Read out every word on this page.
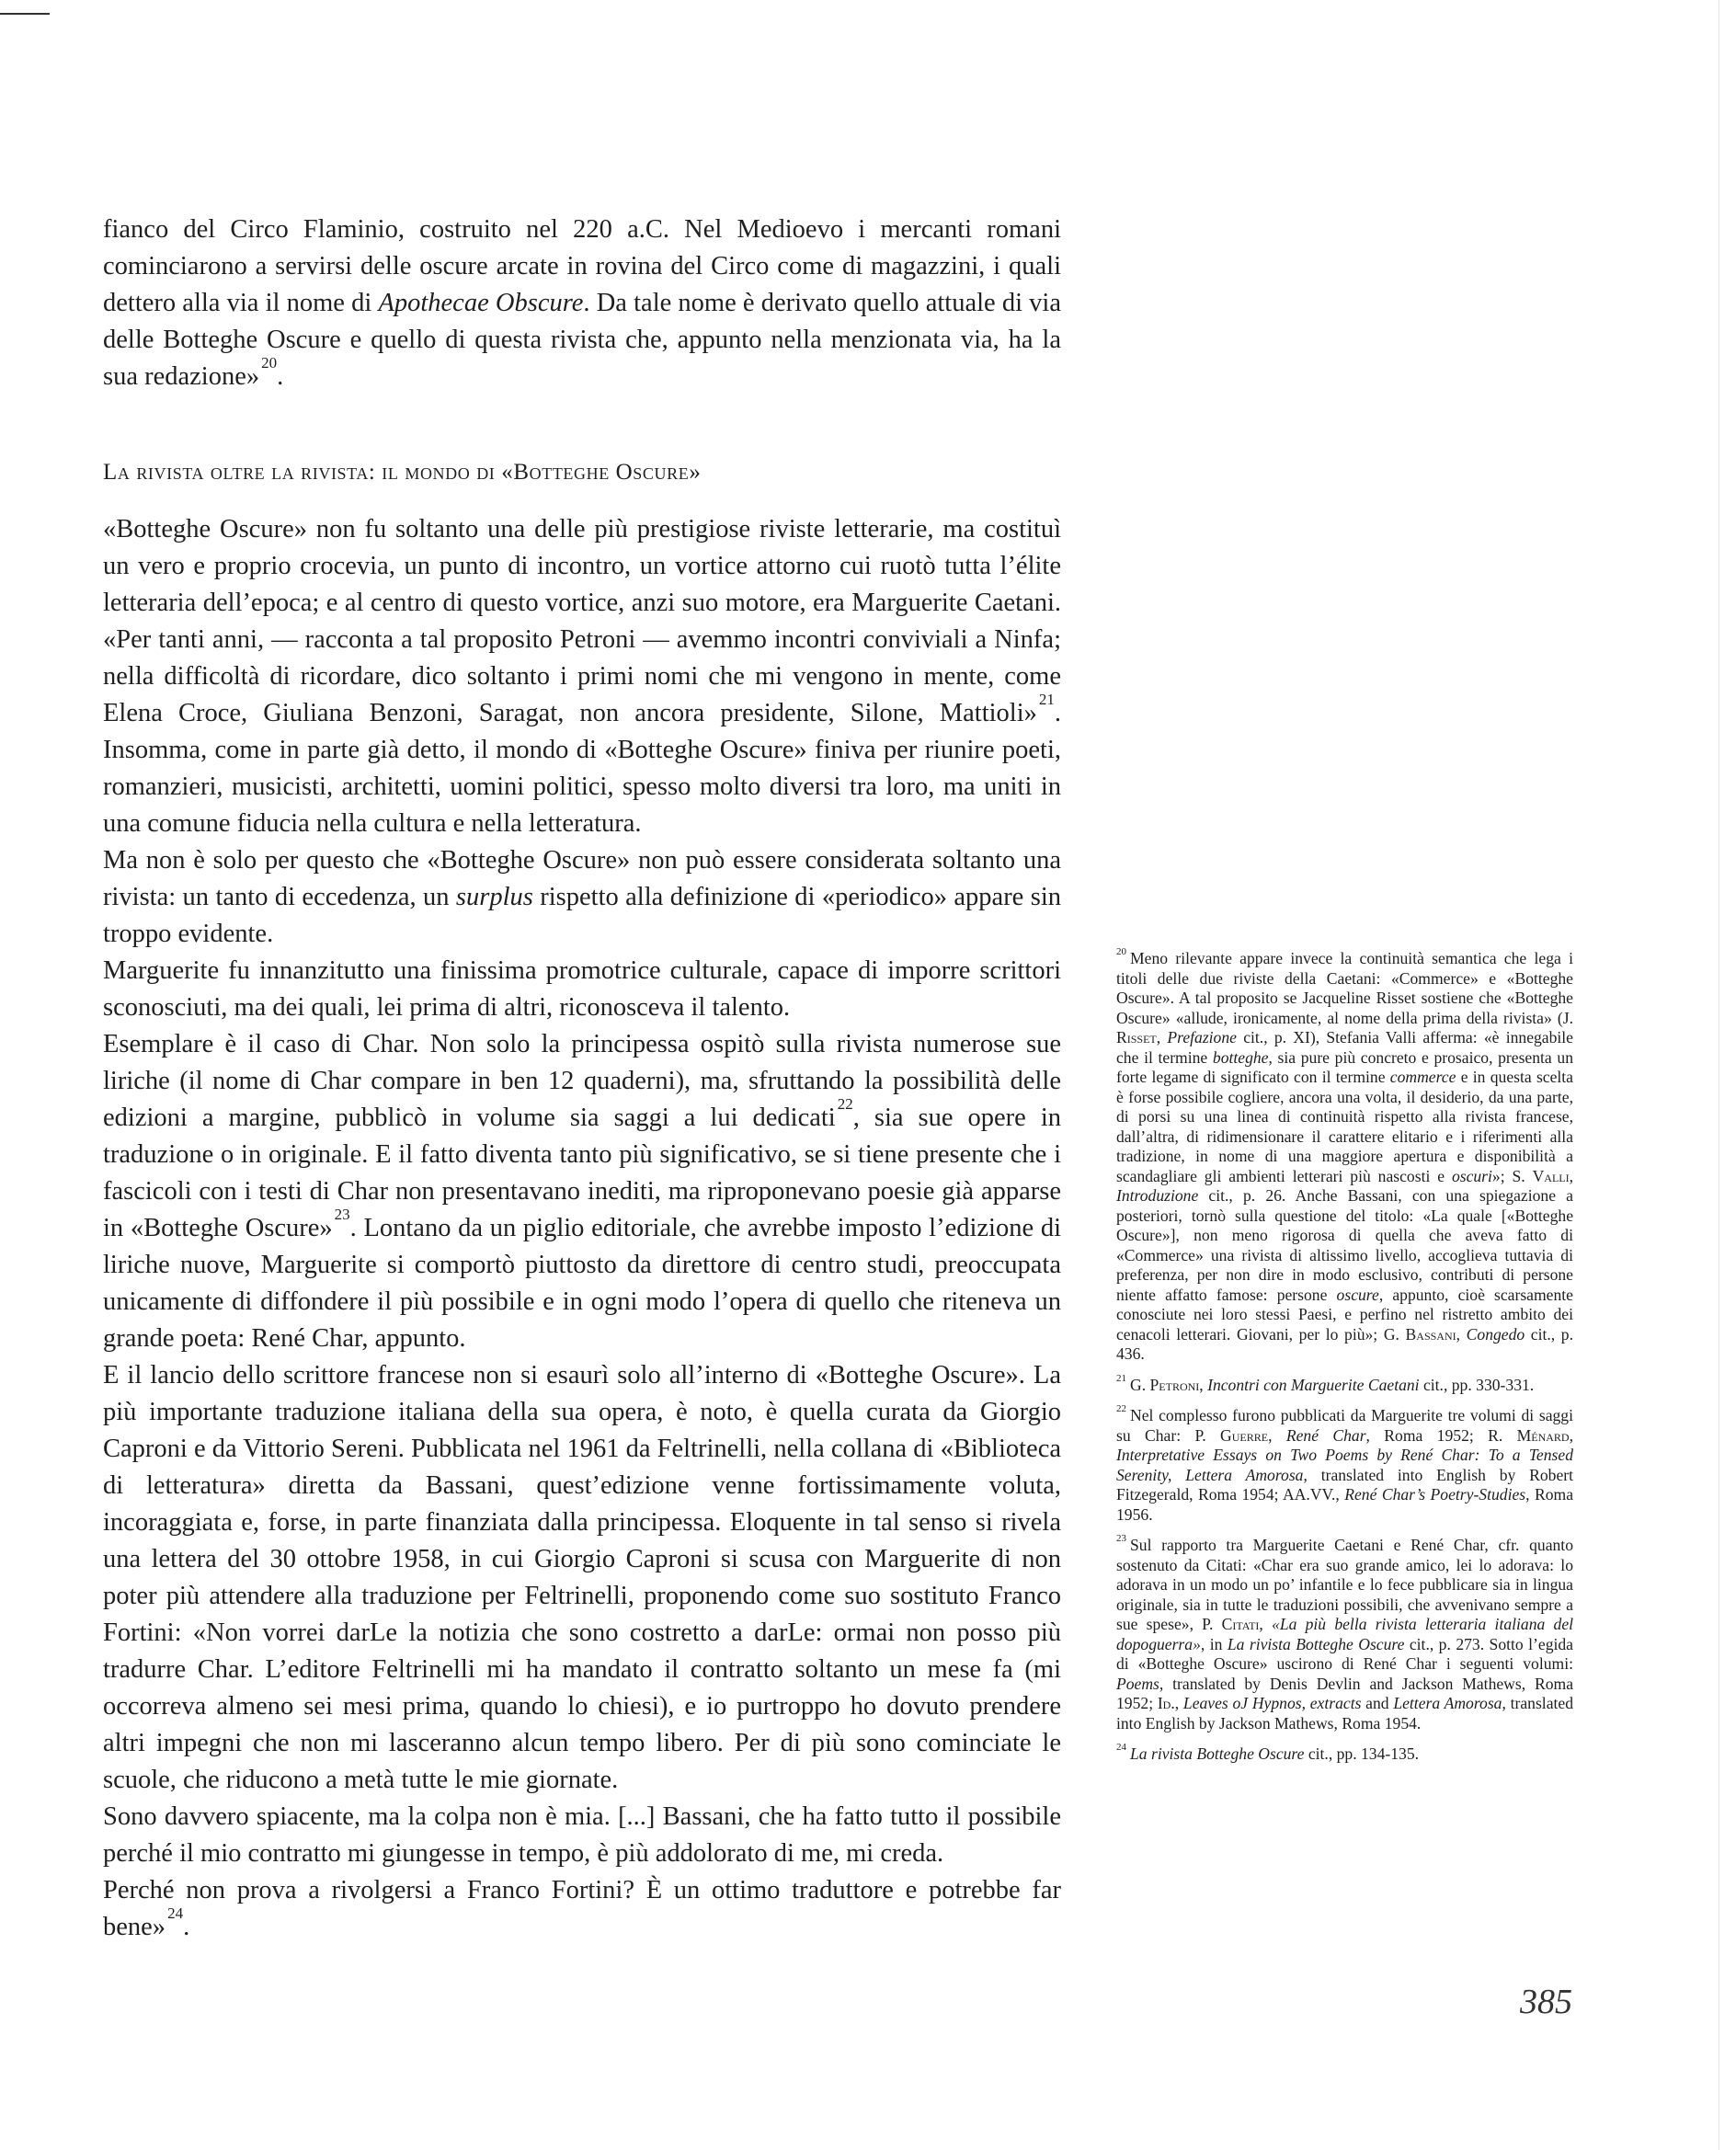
fianco del Circo Flaminio, costruito nel 220 a.C. Nel Medioevo i mercanti romani cominciarono a servirsi delle oscure arcate in rovina del Circo come di magazzini, i quali dettero alla via il nome di Apothecae Obscure. Da tale nome è derivato quello attuale di via delle Botteghe Oscure e quello di questa rivista che, appunto nella menzionata via, ha la sua redazione» $^{20}$.

La rivista oltre la rivista: il mondo di «Botteghe Oscure»

«Botteghe Oscure» non fu soltanto una delle più prestigiose riviste letterarie, ma costituì un vero e proprio crocevia, un punto di incontro, un vortice attorno cui ruotò tutta l’élite letteraria dell’epoca; e al centro di questo vortice, anzi suo motore, era Marguerite Caetani. «Per tanti anni, — racconta a tal proposito Petroni — avemmo incontri conviviali a Ninfa; nella difficoltà di ricordare, dico soltanto i primi nomi che mi vengono in mente, come Elena Croce, Giuliana Benzoni, Saragat, non ancora presidente, Silone, Mattioli» $^{21}$. Insomma, come in parte già detto, il mondo di «Botteghe Oscure» finiva per riunire poeti, romanzieri, musicisti, architetti, uomini politici, spesso molto diversi tra loro, ma uniti in una comune fiducia nella cultura e nella letteratura.

Ma non è solo per questo che «Botteghe Oscure» non può essere considerata soltanto una rivista: un tanto di eccedenza, un surplus rispetto alla definizione di «periodico» appare sin troppo evidente.

Marguerite fu innanzitutto una finissima promotrice culturale, capace di imporre scrittori sconosciuti, ma dei quali, lei prima di altri, riconosceva il talento.

Esemplare è il caso di Char. Non solo la principessa ospitò sulla rivista numerose sue liriche (il nome di Char compare in ben 12 quaderni), ma, sfruttando la possibilità delle edizioni a margine, pubblicò in volume sia saggi a lui dedicati $^{22}$, sia sue opere in traduzione o in originale. E il fatto diventa tanto più significativo, se si tiene presente che i fascicoli con i testi di Char non presentavano inediti, ma riproponevano poesie già apparse in «Botteghe Oscure» $^{23}$. Lontano da un piglio editoriale, che avrebbe imposto l’edizione di liriche nuove, Marguerite si comportò piuttosto da direttore di centro studi, preoccupata unicamente di diffondere il più possibile e in ogni modo l’opera di quello che riteneva un grande poeta: René Char, appunto.

E il lancio dello scrittore francese non si esaurì solo all’interno di «Botteghe Oscure». La più importante traduzione italiana della sua opera, è noto, è quella curata da Giorgio Caproni e da Vittorio Sereni. Pubblicata nel 1961 da Feltrinelli, nella collana di «Biblioteca di letteratura» diretta da Bassani, quest’edizione venne fortissimamente voluta, incoraggiata e, forse, in parte finanziata dalla principessa. Eloquente in tal senso si rivela una lettera del 30 ottobre 1958, in cui Giorgio Caproni si scusa con Marguerite di non poter più attendere alla traduzione per Feltrinelli, proponendo come suo sostituto Franco Fortini: «Non vorrei darLe la notizia che sono costretto a darLe: ormai non posso più tradurre Char. L’editore Feltrinelli mi ha mandato il contratto soltanto un mese fa (mi occorreva almeno sei mesi prima, quando lo chiesi), e io purtroppo ho dovuto prendere altri impegni che non mi lasceranno alcun tempo libero. Per di più sono cominciate le scuole, che riducono a metà tutte le mie giornate.

Sono davvero spiacente, ma la colpa non è mia. [...] Bassani, che ha fatto tutto il possibile perché il mio contratto mi giungesse in tempo, è più addolorato di me, mi creda.

Perché non prova a rivolgersi a Franco Fortini? È un ottimo traduttore e potrebbe far bene» $^{24}$.

$^{20}$ Meno rilevante appare invece la continuità semantica che lega i titoli delle due riviste della Caetani: «Commerce» e «Botteghe Oscure». A tal proposito se Jacqueline Risset sostiene che «Botteghe Oscure» «allude, ironicamente, al nome della prima della rivista» (J. Risset, Prefazione cit., p. XI), Stefania Valli afferma: «è innegabile che il termine botteghe, sia pure più concreto e prosaico, presenta un forte legame di significato con il termine commerce e in questa scelta è forse possibile cogliere, ancora una volta, il desiderio, da una parte, di porsi su una linea di continuità rispetto alla rivista francese, dall’altra, di ridimensionare il carattere elitario e i riferimenti alla tradizione, in nome di una maggiore apertura e disponibilità a scandagliare gli ambienti letterari più nascosti e oscuri»; S. Valli, Introduzione cit., p. 26. Anche Bassani, con una spiegazione a posteriori, tornò sulla questione del titolo: «La quale [«Botteghe Oscure»], non meno rigorosa di quella che aveva fatto di «Commerce» una rivista di altissimo livello, accoglieva tuttavia di preferenza, per non dire in modo esclusivo, contributi di persone niente affatto famose: persone oscure, appunto, cioè scarsamente conosciute nei loro stessi Paesi, e perfino nel ristretto ambito dei cenacoli letterari. Giovani, per lo più»; G. Bassani, Congedo cit., p. 436.

$^{21}$ G. Petroni, Incontri con Marguerite Caetani cit., pp. 330-331.

$^{22}$ Nel complesso furono pubblicati da Marguerite tre volumi di saggi su Char: P. Guerre, René Char, Roma 1952; R. Ménard, Interpretative Essays on Two Poems by René Char: To a Tensed Serenity, Lettera Amorosa, translated into English by Robert Fitzegerald, Roma 1954; AA.VV., René Char’s Poetry-Studies, Roma 1956.

$^{23}$ Sul rapporto tra Marguerite Caetani e René Char, cfr. quanto sostenuto da Citati: «Char era suo grande amico, lei lo adorava: lo adorava in un modo un po’ infantile e lo fece pubblicare sia in lingua originale, sia in tutte le traduzioni possibili, che avvenivano sempre a sue spese», P. Citati, «La più bella rivista letteraria italiana del dopoguerra», in La rivista Botteghe Oscure cit., p. 273. Sotto l’egida di «Botteghe Oscure» uscirono di René Char i seguenti volumi: Poems, translated by Denis Devlin and Jackson Mathews, Roma 1952; Id., Leaves oJ Hypnos, extracts and Lettera Amorosa, translated into English by Jackson Mathews, Roma 1954.

$^{24}$ La rivista Botteghe Oscure cit., pp. 134-135.

385
